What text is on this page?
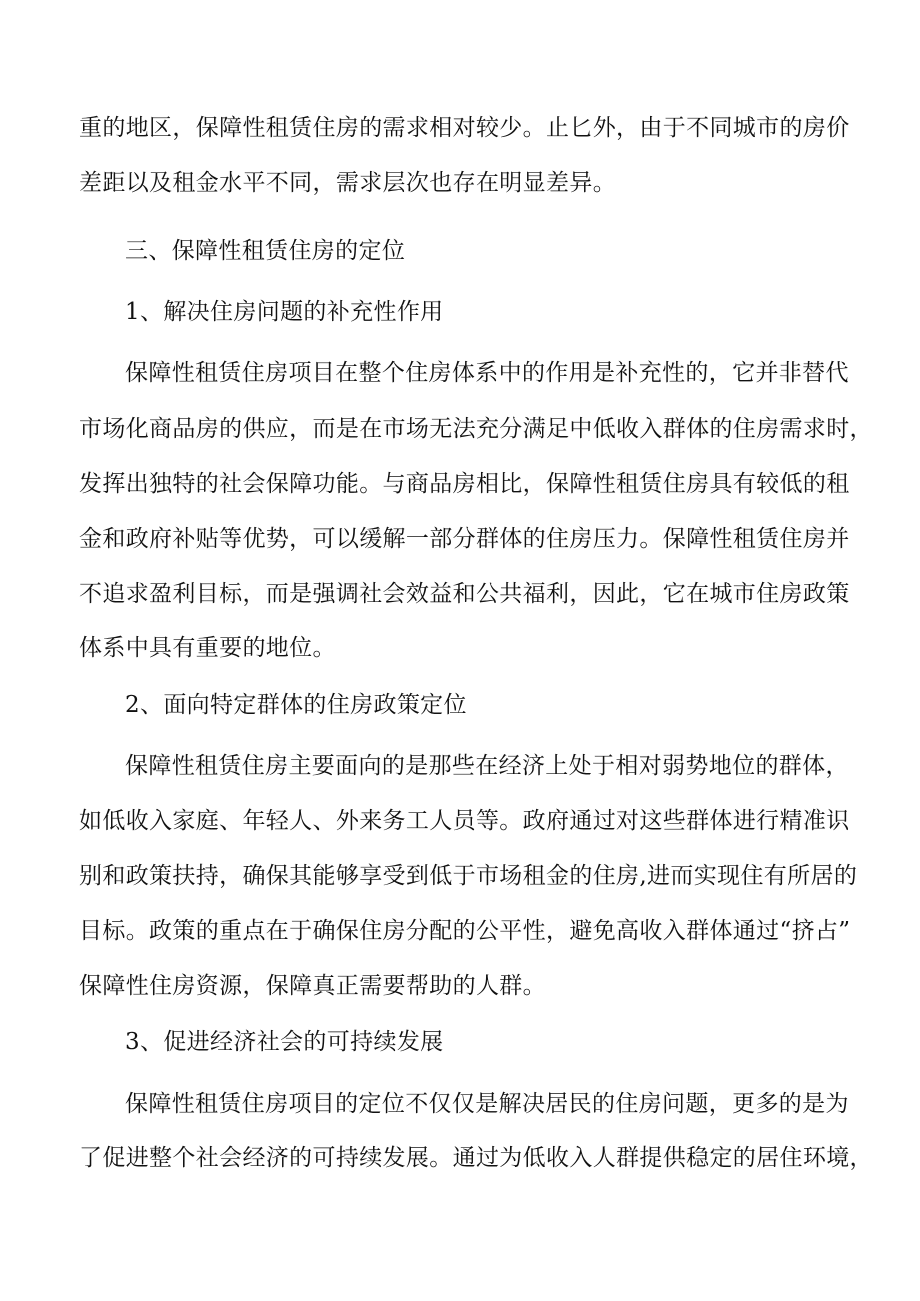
重的地区，保障性租赁住房的需求相对较少。止匕外，由于不同城市的房价
差距以及租金水平不同，需求层次也存在明显差异。
三、保障性租赁住房的定位
1、解决住房问题的补充性作用
保障性租赁住房项目在整个住房体系中的作用是补充性的，它并非替代
市场化商品房的供应，而是在市场无法充分满足中低收入群体的住房需求时，
发挥出独特的社会保障功能。与商品房相比，保障性租赁住房具有较低的租
金和政府补贴等优势，可以缓解一部分群体的住房压力。保障性租赁住房并
不追求盈利目标，而是强调社会效益和公共福利，因此，它在城市住房政策
体系中具有重要的地位。
2、面向特定群体的住房政策定位
保障性租赁住房主要面向的是那些在经济上处于相对弱势地位的群体，
如低收入家庭、年轻人、外来务工人员等。政府通过对这些群体进行精准识
别和政策扶持，确保其能够享受到低于市场租金的住房,进而实现住有所居的
目标。政策的重点在于确保住房分配的公平性，避免高收入群体通过“挤占”
保障性住房资源，保障真正需要帮助的人群。
3、促进经济社会的可持续发展
保障性租赁住房项目的定位不仅仅是解决居民的住房问题，更多的是为
了促进整个社会经济的可持续发展。通过为低收入人群提供稳定的居住环境，
